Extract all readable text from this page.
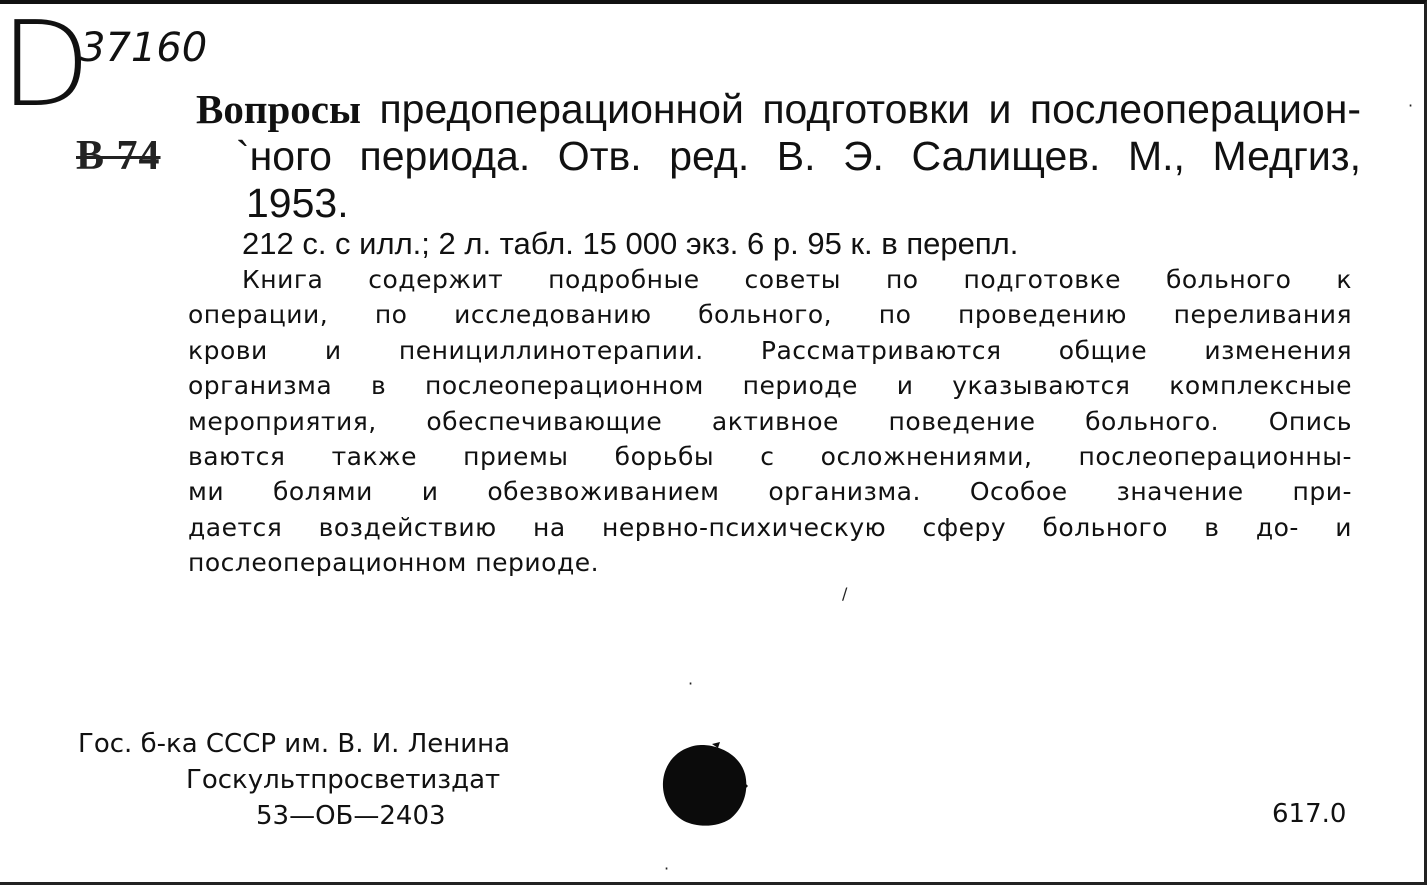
D
37160
В 74
Вопросы предоперационной подготовки и послеоперацион-
`ного периода. Отв. ред. В. Э. Салищев. М., Медгиз,
1953.
212 с. с илл.; 2 л. табл. 15 000 экз. 6 р. 95 к. в перепл.
Книга содержит подробные советы по подготовке больного к
операции, по исследованию больного, по проведению переливания
крови и пенициллинотерапии. Рассматриваются общие изменения
организма в послеоперационном периоде и указываются комплексные
мероприятия, обеспечивающие активное поведение больного. Опись
ваются также приемы борьбы с осложнениями, послеоперационны-
ми болями и обезвоживанием организма. Особое значение при-
дается воздействию на нервно-психическую сферу больного в до- и
послеоперационном периоде.
/
·
·
·
Гос. б-ка СССР им. В. И. Ленина
Госкультпросветиздат
53—ОБ—2403	617.0
